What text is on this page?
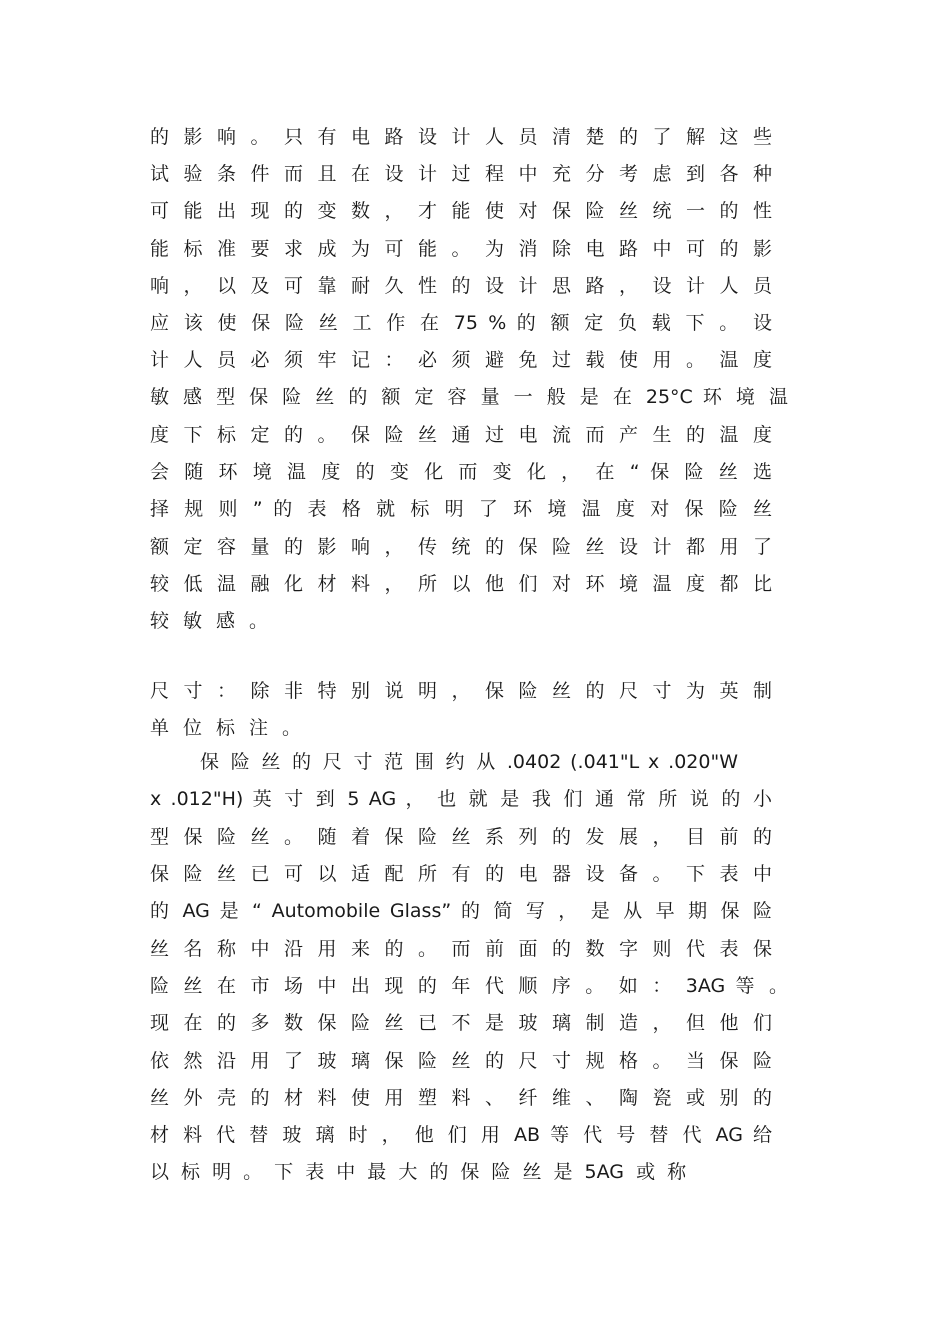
的 影 响 。 只 有 电 路 设 计 人 员 清 楚 的 了 解 这 些
试 验 条 件 而 且 在 设 计 过 程 中 充 分 考 虑 到 各 种
可 能 出 现 的 变 数 ， 才 能 使 对 保 险 丝 统 一 的 性
能 标 准 要 求 成 为 可 能 。 为 消 除 电 路 中 可 的 影
响 ， 以 及 可 靠 耐 久 性 的 设 计 思 路 ， 设 计 人 员
应 该 使 保 险 丝 工 作 在 75 % 的 额 定 负 载 下 。 设
计 人 员 必 须 牢 记 ： 必 须 避 免 过 载 使 用 。 温 度
敏 感 型 保 险 丝 的 额 定 容 量 一 般 是 在 25°C 环 境 温
度 下 标 定 的 。 保 险 丝 通 过 电 流 而 产 生 的 温 度
会 随 环 境 温 度 的 变 化 而 变 化 ， 在 “ 保 险 丝 选
择 规 则 ” 的 表 格 就 标 明 了 环 境 温 度 对 保 险 丝
额 定 容 量 的 影 响 ， 传 统 的 保 险 丝 设 计 都 用 了
较 低 温 融 化 材 料 ， 所 以 他 们 对 环 境 温 度 都 比
较敏感。
尺 寸 ： 除 非 特 别 说 明 ， 保 险 丝 的 尺 寸 为 英 制
单位标注。
保 险 丝 的 尺 寸 范 围 约 从 .0402 (.041"L x .020"W
x .012"H) 英 寸 到 5 AG ， 也 就 是 我 们 通 常 所 说 的 小
型 保 险 丝 。 随 着 保 险 丝 系 列 的 发 展 ， 目 前 的
保 险 丝 已 可 以 适 配 所 有 的 电 器 设 备 。 下 表 中
的 AG 是 “ Automobile Glass” 的 简 写 ， 是 从 早 期 保 险
丝 名 称 中 沿 用 来 的 。 而 前 面 的 数 字 则 代 表 保
险 丝 在 市 场 中 出 现 的 年 代 顺 序 。 如 ： 3AG 等 。
现 在 的 多 数 保 险 丝 已 不 是 玻 璃 制 造 ， 但 他 们
依 然 沿 用 了 玻 璃 保 险 丝 的 尺 寸 规 格 。 当 保 险
丝 外 壳 的 材 料 使 用 塑 料 、 纤 维 、 陶 瓷 或 别 的
材 料 代 替 玻 璃 时 ， 他 们 用 AB 等 代 号 替 代 AG 给
以 标 明 。 下 表 中 最 大 的 保 险 丝 是 5AG 或 称
